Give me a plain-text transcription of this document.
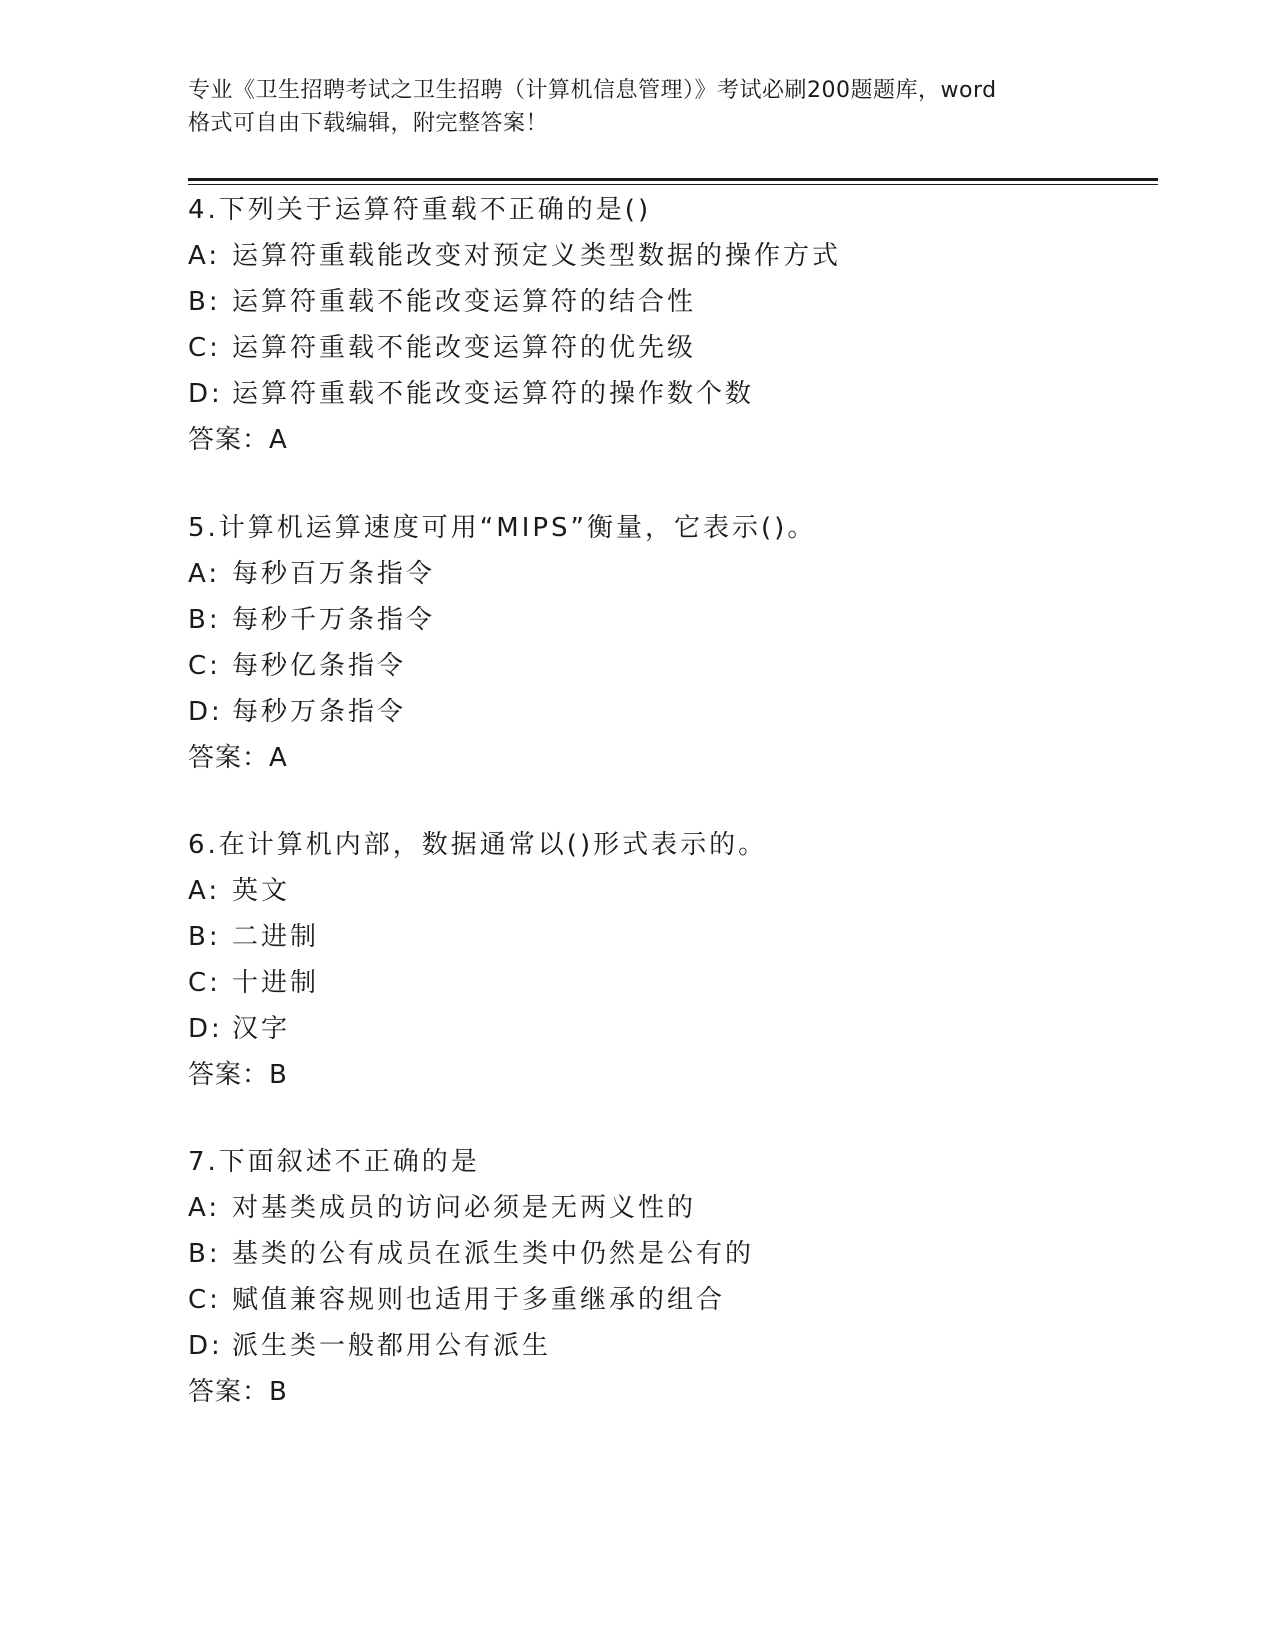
专业《卫生招聘考试之卫生招聘（计算机信息管理）》考试必刷200题题库，word
格式可自由下载编辑，附完整答案！
4.下列关于运算符重载不正确的是()
A: 运算符重载能改变对预定义类型数据的操作方式
B: 运算符重载不能改变运算符的结合性
C: 运算符重载不能改变运算符的优先级
D: 运算符重载不能改变运算符的操作数个数
答案：A
5.计算机运算速度可用“MIPS”衡量，它表示()。
A: 每秒百万条指令
B: 每秒千万条指令
C: 每秒亿条指令
D: 每秒万条指令
答案：A
6.在计算机内部，数据通常以()形式表示的。
A: 英文
B: 二进制
C: 十进制
D: 汉字
答案：B
7.下面叙述不正确的是
A: 对基类成员的访问必须是无两义性的
B: 基类的公有成员在派生类中仍然是公有的
C: 赋值兼容规则也适用于多重继承的组合
D: 派生类一般都用公有派生
答案：B
